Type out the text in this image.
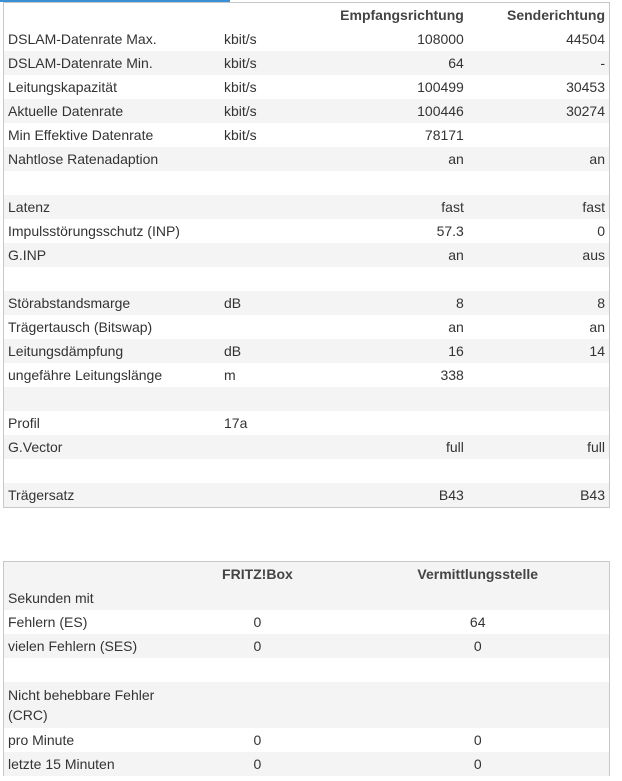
		Empfangsrichtung	Senderichtung
DSLAM-Datenrate Max.	kbit/s	108000	44504
DSLAM-Datenrate Min.	kbit/s	64	-
Leitungskapazität	kbit/s	100499	30453
Aktuelle Datenrate	kbit/s	100446	30274
Min Effektive Datenrate	kbit/s	78171	
Nahtlose Ratenadaption		an	an

Latenz		fast	fast
Impulsstörungsschutz (INP)		57.3	0
G.INP		an	aus

Störabstandsmarge	dB	8	8
Trägertausch (Bitswap)		an	an
Leitungsdämpfung	dB	16	14
ungefähre Leitungslänge	m	338	

Profil	17a		
G.Vector		full	full

Trägersatz		B43	B43
	FRITZ!Box	Vermittlungsstelle
Sekunden mit		
Fehlern (ES)	0	64
vielen Fehlern (SES)	0	0

Nicht behebbare Fehler (CRC)		
pro Minute	0	0
letzte 15 Minuten	0	0
